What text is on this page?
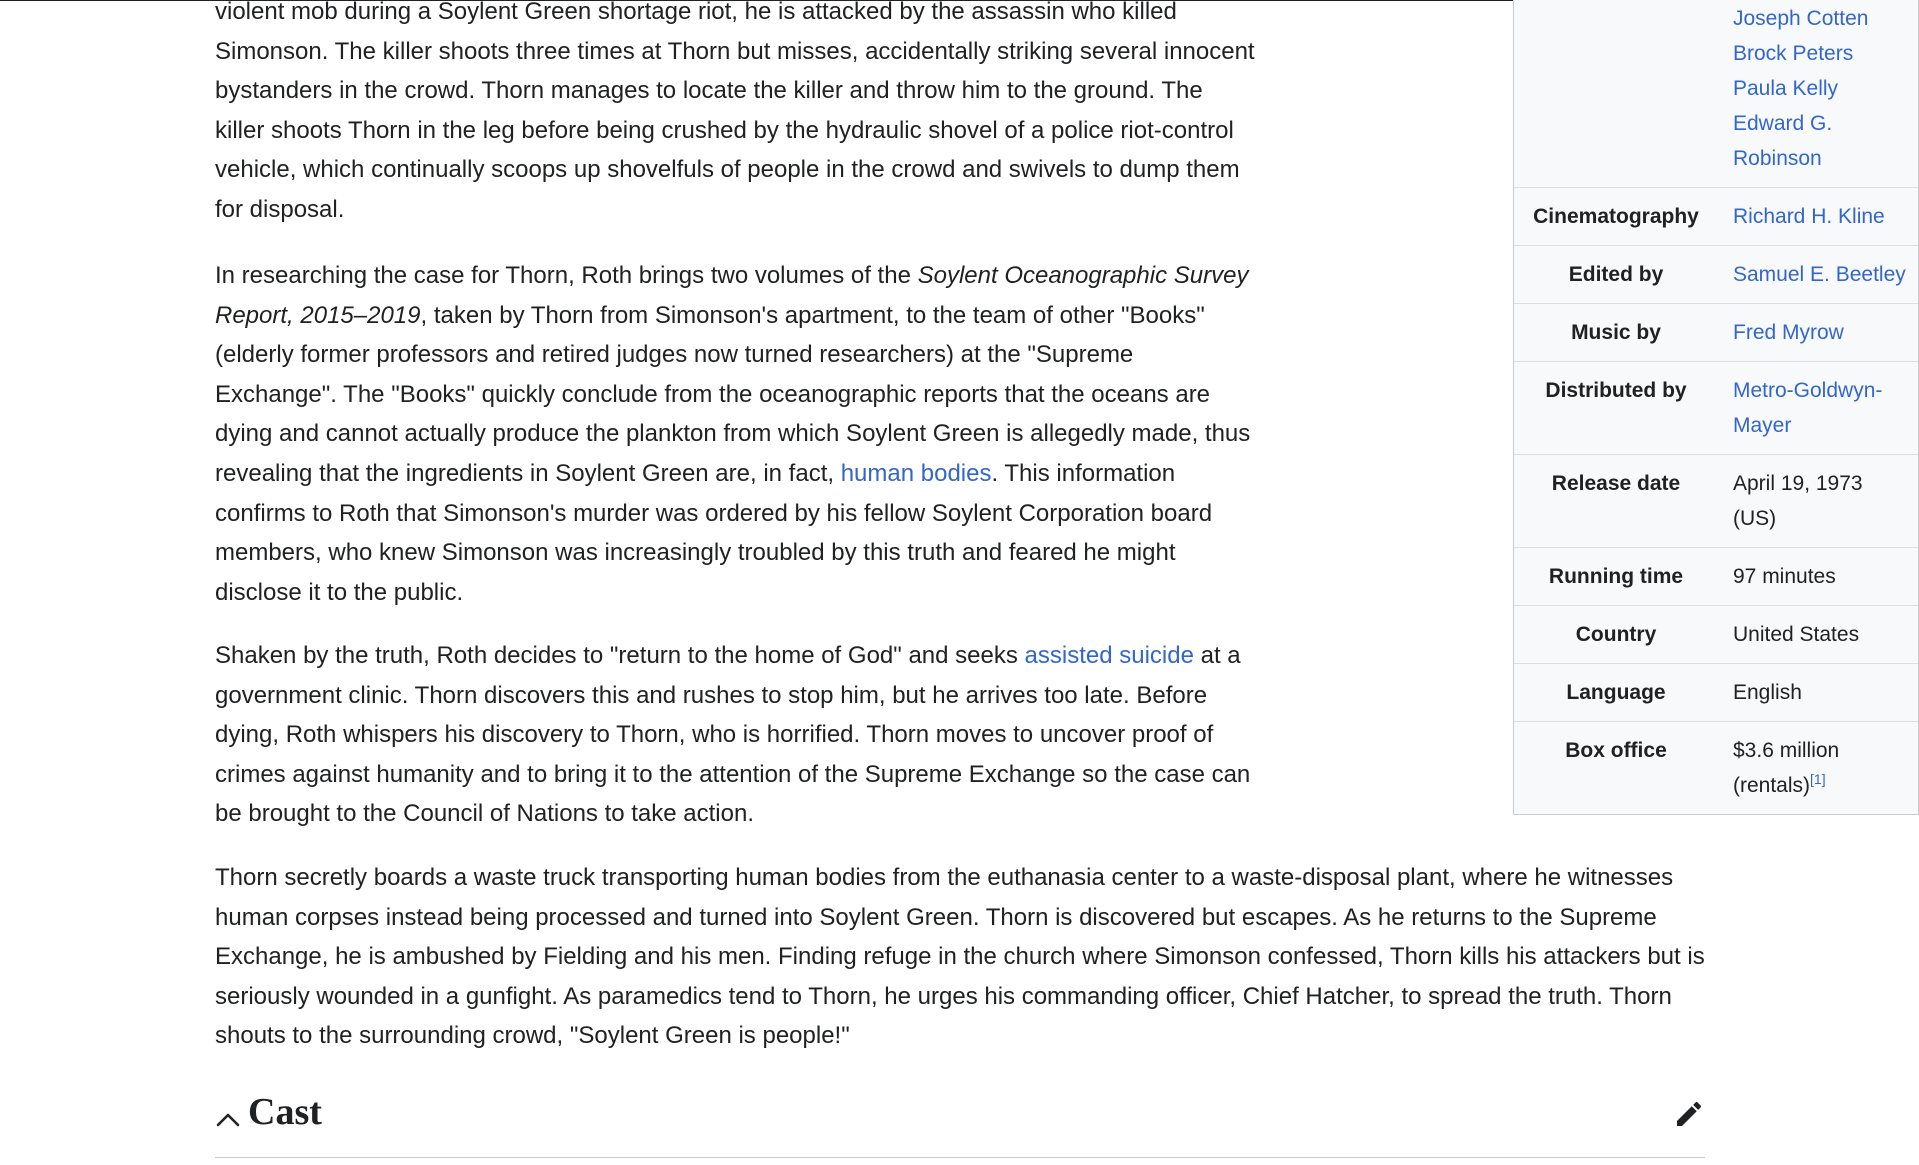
Joseph Cotten
Brock Peters
Paula Kelly
Edward G. Robinson
Cinematography	Richard H. Kline
Edited by	Samuel E. Beetley
Music by	Fred Myrow
Distributed by	Metro-Goldwyn-Mayer
Release date	April 19, 1973 (US)
Running time	97 minutes
Country	United States
Language	English
Box office	$3.6 million (rentals)[1]

violent mob during a Soylent Green shortage riot, he is attacked by the assassin who killed Simonson. The killer shoots three times at Thorn but misses, accidentally striking several innocent bystanders in the crowd. Thorn manages to locate the killer and throw him to the ground. The killer shoots Thorn in the leg before being crushed by the hydraulic shovel of a police riot-control vehicle, which continually scoops up shovelfuls of people in the crowd and swivels to dump them for disposal.

In researching the case for Thorn, Roth brings two volumes of the Soylent Oceanographic Survey Report, 2015–2019, taken by Thorn from Simonson's apartment, to the team of other "Books" (elderly former professors and retired judges now turned researchers) at the "Supreme Exchange". The "Books" quickly conclude from the oceanographic reports that the oceans are dying and cannot actually produce the plankton from which Soylent Green is allegedly made, thus revealing that the ingredients in Soylent Green are, in fact, human bodies. This information confirms to Roth that Simonson's murder was ordered by his fellow Soylent Corporation board members, who knew Simonson was increasingly troubled by this truth and feared he might disclose it to the public.

Shaken by the truth, Roth decides to "return to the home of God" and seeks assisted suicide at a government clinic. Thorn discovers this and rushes to stop him, but he arrives too late. Before dying, Roth whispers his discovery to Thorn, who is horrified. Thorn moves to uncover proof of crimes against humanity and to bring it to the attention of the Supreme Exchange so the case can be brought to the Council of Nations to take action.

Thorn secretly boards a waste truck transporting human bodies from the euthanasia center to a waste-disposal plant, where he witnesses human corpses instead being processed and turned into Soylent Green. Thorn is discovered but escapes. As he returns to the Supreme Exchange, he is ambushed by Fielding and his men. Finding refuge in the church where Simonson confessed, Thorn kills his attackers but is seriously wounded in a gunfight. As paramedics tend to Thorn, he urges his commanding officer, Chief Hatcher, to spread the truth. Thorn shouts to the surrounding crowd, "Soylent Green is people!"

Cast
